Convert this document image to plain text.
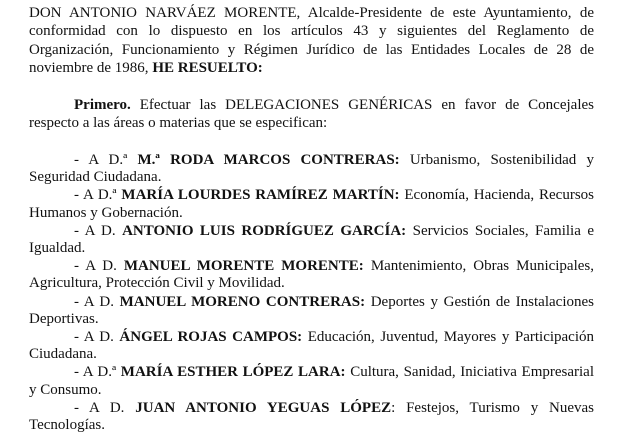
DON ANTONIO NARVÁEZ MORENTE, Alcalde-Presidente de este Ayuntamiento, de conformidad con lo dispuesto en los artículos 43 y siguientes del Reglamento de Organización, Funcionamiento y Régimen Jurídico de las Entidades Locales de 28 de noviembre de 1986, HE RESUELTO:

Primero. Efectuar las DELEGACIONES GENÉRICAS en favor de Concejales respecto a las áreas o materias que se especifican:

- A D.ª M.ª RODA MARCOS CONTRERAS: Urbanismo, Sostenibilidad y Seguridad Ciudadana.

- A D.ª MARÍA LOURDES RAMÍREZ MARTÍN: Economía, Hacienda, Recursos Humanos y Gobernación.

- A D. ANTONIO LUIS RODRÍGUEZ GARCÍA: Servicios Sociales, Familia e Igualdad.

- A D. MANUEL MORENTE MORENTE: Mantenimiento, Obras Municipales, Agricultura, Protección Civil y Movilidad.

- A D. MANUEL MORENO CONTRERAS: Deportes y Gestión de Instalaciones Deportivas.

- A D. ÁNGEL ROJAS CAMPOS: Educación, Juventud, Mayores y Participación Ciudadana.

- A D.ª MARÍA ESTHER LÓPEZ LARA: Cultura, Sanidad, Iniciativa Empresarial y Consumo.

- A D. JUAN ANTONIO YEGUAS LÓPEZ: Festejos, Turismo y Nuevas Tecnologías.
